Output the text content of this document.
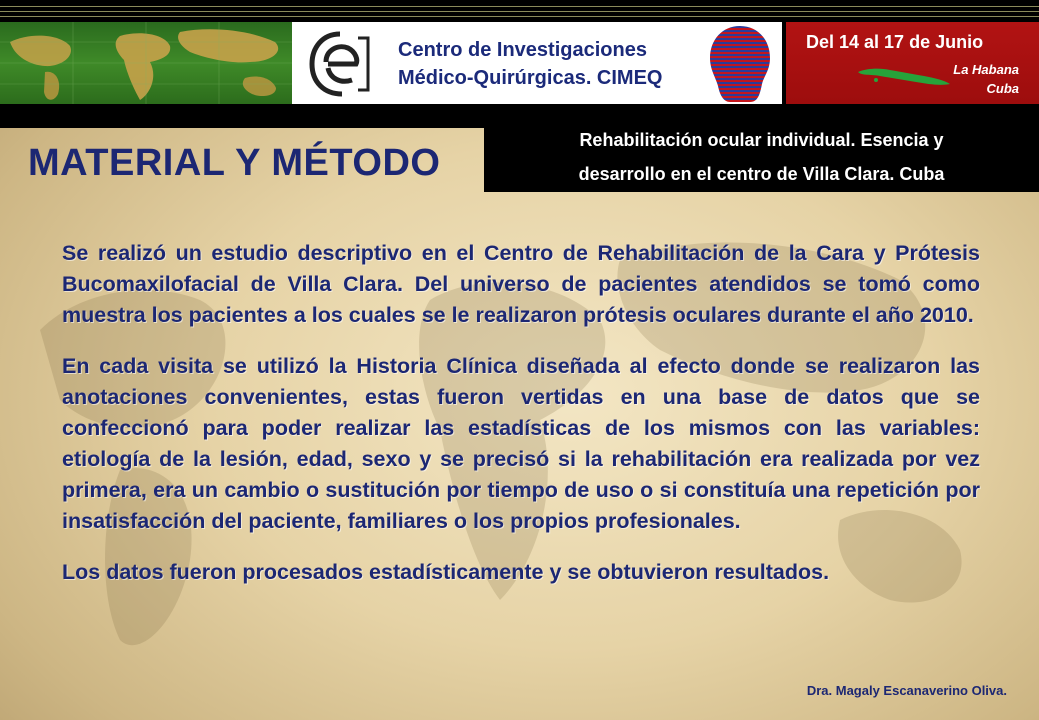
Centro de Investigaciones
Médico-Quirúrgicas. CIMEQ
Del 14 al 17 de Junio
La Habana
Cuba
MATERIAL Y MÉTODO
Rehabilitación ocular individual. Esencia y
desarrollo en el centro de Villa Clara. Cuba

Se realizó un estudio descriptivo en el Centro de Rehabilitación de la Cara y Prótesis Bucomaxilofacial de Villa Clara. Del universo de pacientes atendidos se tomó como muestra los pacientes a los cuales se le realizaron prótesis oculares durante el año 2010.

En cada visita se utilizó la Historia Clínica diseñada al efecto donde se realizaron las anotaciones convenientes, estas fueron vertidas en una base de datos que se confeccionó para poder realizar las estadísticas de los mismos con las variables: etiología de la lesión, edad, sexo y se precisó si la rehabilitación era realizada por vez primera, era un cambio o sustitución por tiempo de uso o si constituía una repetición por insatisfacción del paciente, familiares o los propios profesionales.

Los datos fueron procesados estadísticamente y se obtuvieron resultados.

Dra. Magaly Escanaverino Oliva.
